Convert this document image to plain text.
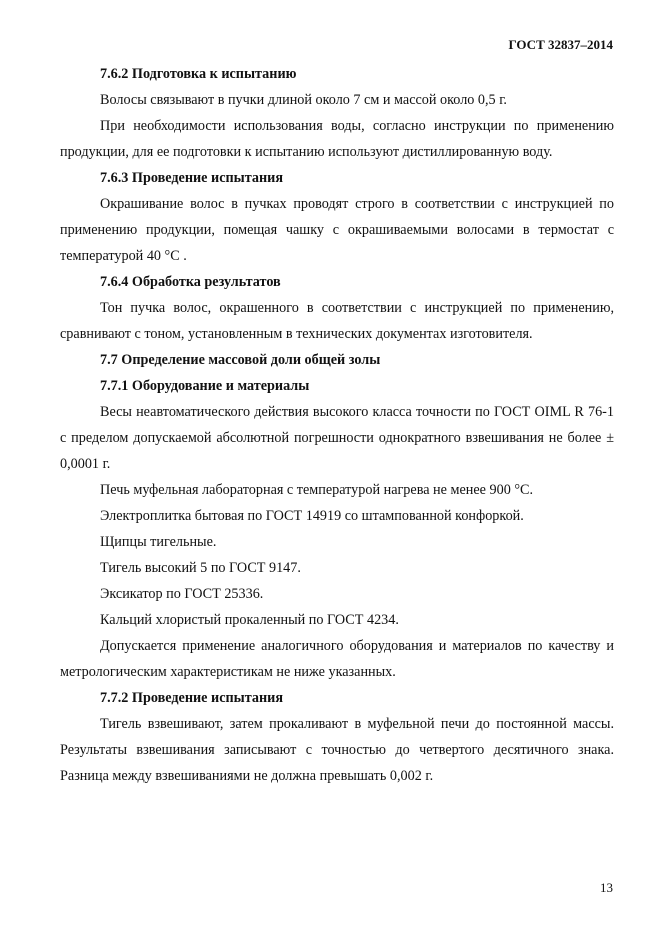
ГОСТ 32837–2014

7.6.2 Подготовка к испытанию

Волосы связывают в пучки длиной около 7 см и массой около 0,5 г.

При необходимости использования воды, согласно инструкции по применению продукции, для ее подготовки к испытанию используют дистиллированную воду.

7.6.3 Проведение испытания

Окрашивание волос в пучках проводят строго в соответствии с инструкцией по применению продукции, помещая чашку с окрашиваемыми волосами в термостат с температурой 40 °С .

7.6.4 Обработка результатов

Тон пучка волос, окрашенного в соответствии с инструкцией по применению, сравнивают с тоном, установленным в технических документах изготовителя.

7.7 Определение массовой доли общей золы

7.7.1 Оборудование и материалы

Весы неавтоматического действия высокого класса точности по ГОСТ OIML R 76-1 с пределом допускаемой абсолютной погрешности однократного взвешивания не более ± 0,0001 г.

Печь муфельная лабораторная с температурой нагрева не менее 900 °С.

Электроплитка бытовая по ГОСТ 14919 со штампованной конфоркой.

Щипцы тигельные.

Тигель высокий 5 по ГОСТ 9147.

Эксикатор по ГОСТ 25336.

Кальций хлористый прокаленный по ГОСТ 4234.

Допускается применение аналогичного оборудования и материалов по качеству и метрологическим характеристикам не ниже указанных.

7.7.2 Проведение испытания

Тигель взвешивают, затем прокаливают в муфельной печи до постоянной массы. Результаты взвешивания записывают с точностью до четвертого десятичного знака. Разница между взвешиваниями не должна превышать 0,002 г.

13
